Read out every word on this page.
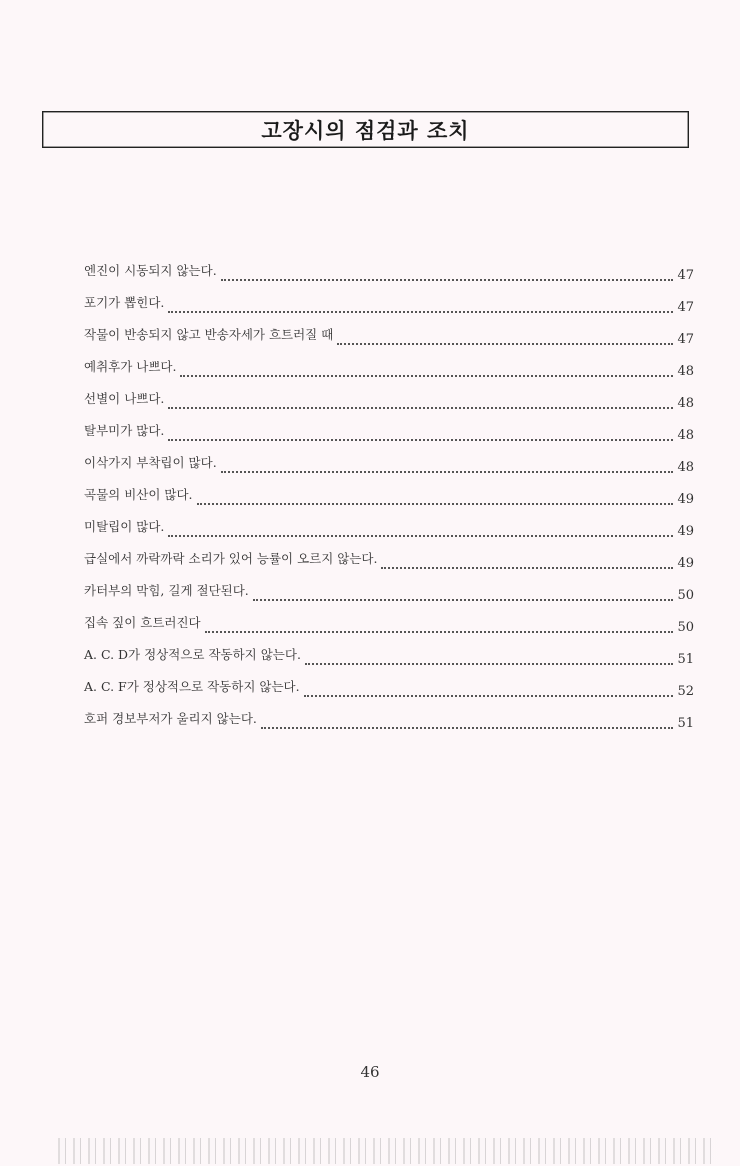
고장시의 점검과 조치
엔진이 시동되지 않는다.	47
포기가 뽑힌다.	47
작물이 반송되지 않고 반송자세가 흐트러질 때	47
예취후가 나쁘다.	48
선별이 나쁘다.	48
탈부미가 많다.	48
이삭가지 부착립이 많다.	48
곡물의 비산이 많다.	49
미탈립이 많다.	49
급실에서 까락까락 소리가 있어 능률이 오르지 않는다.	49
카터부의 막힘, 길게 절단된다.	50
집속 짚이 흐트러진다	50
A. C. D가 정상적으로 작동하지 않는다.	51
A. C. F가 정상적으로 작동하지 않는다.	52
호퍼 경보부저가 울리지 않는다.	51
46
